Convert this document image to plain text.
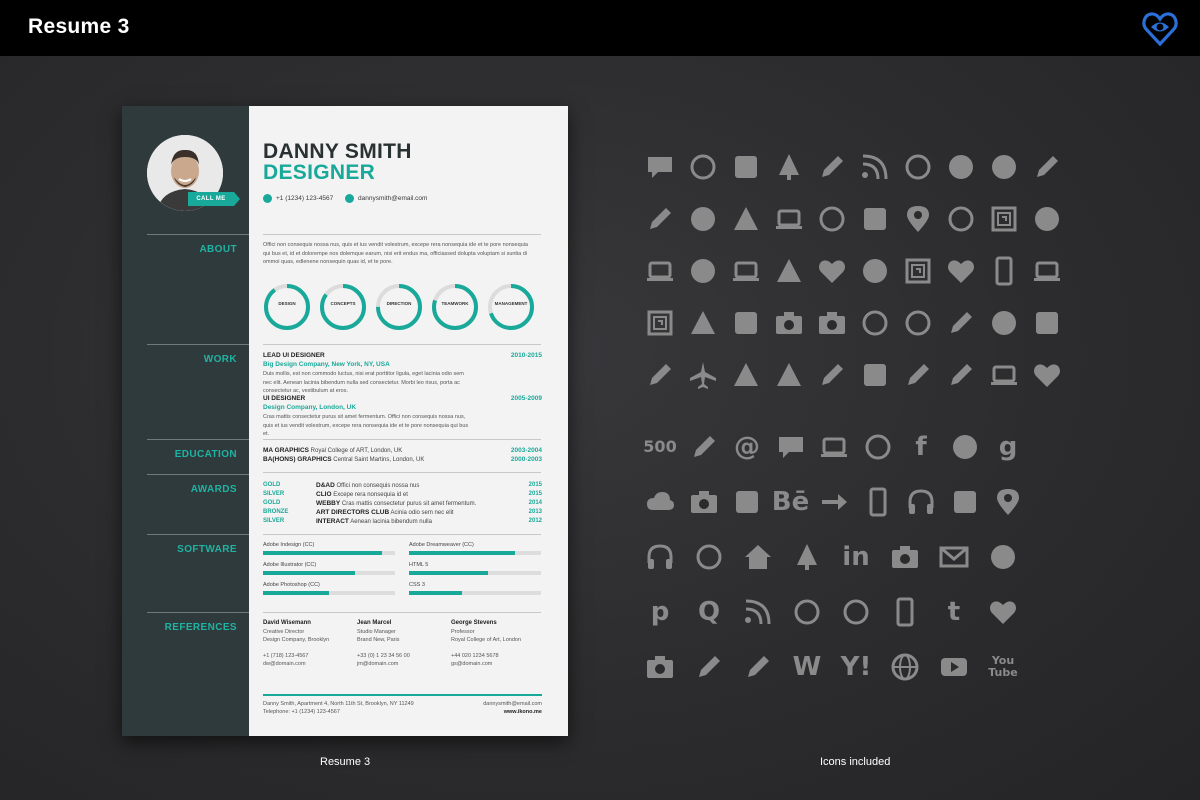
Resume 3
CALL ME
ABOUT
WORK
EDUCATION
AWARDS
SOFTWARE
REFERENCES
DANNY SMITH
DESIGNER
+1 (1234) 123-4567	dannysmith@email.com
Offici non consequis nossa nus, quis et ius vendit volestrum, excepe rera nonsequia ide et te pore nonsequia qui bus et, id et dolorempe nos dolemque earum, nisi erit endus ma, officiassed dolupta voluptam si suntia di ommoi quas, edlenene nonsequin quas id, et te pore.
DESIGN	CONCEPTS	DIRECTION	TEAMWORK	MANAGEMENT
LEAD UI DESIGNER	2010-2015
Big Design Company, New York, NY, USA
Duis mollis, est non commodo luctus, nisi erat porttitor ligula, eget lacinia odio sem nec elit. Aenean lacinia bibendum nulla sed consectetur. Morbi leo risus, porta ac consectetur ac, vestibulum at eros.
UI DESIGNER	2005-2009
Design Company, London, UK
Cras mattis consectetur purus sit amet fermentum. Offici non consequis nossa nus, quis et ius vendit volestrum, excepe rera nonsequia ide et te pore nonsequia qui bus et.
MA GRAPHICS Royal College of ART, London, UK	2003-2004
BA(HONS) GRAPHICS Central Saint Martins, London, UK	2000-2003
GOLD	D&AD Offici non consequis nossa nus	2015
SILVER	CLIO Excepe rera nonsequia id et	2015
GOLD	WEBBY Cras mattis consectetur purus sit amet fermentum.	2014
BRONZE	ART DIRECTORS CLUB Acinia odio sem nec elit	2013
SILVER	INTERACT Aenean lacinia bibendum nulla	2012
Adobe Indesign (CC)	Adobe Dreamweaver (CC)
Adobe Illustrator (CC)	HTML 5
Adobe Photoshop (CC)	CSS 3
David Wisemann
Creative Director
Design Company, Brooklyn
+1 (718) 123-4567
dw@domain.com
Jean Marcel
Studio Manager
Brand New, Paris
+33 (0) 1 23 34 56 00
jm@domain.com
George Stevens
Professor
Royal College of Art, London
+44 020 1234 5678
gs@domain.com
Danny Smith, Apartment 4, North 11th St, Brooklyn, NY 11249
Telephone: +1 (1234) 123-4567
dannysmith@email.com
www.ikono.me
Resume 3	Icons included
500 @	f	g
Bē
in
p Q	t
W Y!	You
Tube
